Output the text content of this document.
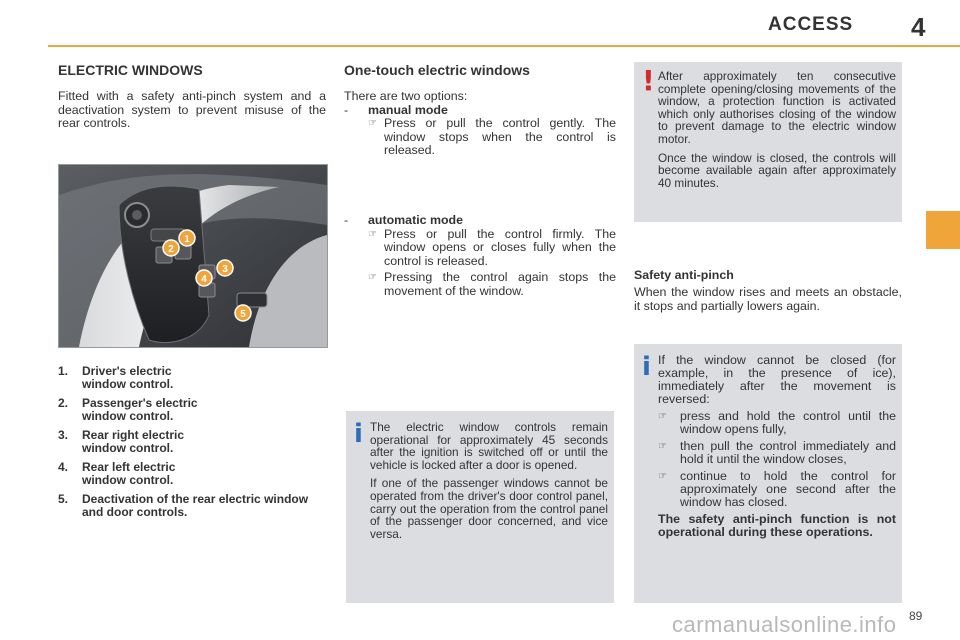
ACCESS 4
ELECTRIC WINDOWS
Fitted with a safety anti-pinch system and a deactivation system to prevent misuse of the rear controls.
1
2
3
4
5
1.	Driver's electric window control.
2.	Passenger's electric window control.
3.	Rear right electric window control.
4.	Rear left electric window control.
5.	Deactivation of the rear electric window and door controls.
One-touch electric windows
There are two options:
-	manual mode
☞ Press or pull the control gently. The window stops when the control is released.
-	automatic mode
☞ Press or pull the control firmly. The window opens or closes fully when the control is released.
☞ Pressing the control again stops the movement of the window.
i The electric window controls remain operational for approximately 45 seconds after the ignition is switched off or until the vehicle is locked after a door is opened.

If one of the passenger windows cannot be operated from the driver's door control panel, carry out the operation from the control panel of the passenger door concerned, and vice versa.

! After approximately ten consecutive complete opening/closing movements of the window, a protection function is activated which only authorises closing of the window to prevent damage to the electric window motor.

Once the window is closed, the controls will become available again after approximately 40 minutes.

Safety anti-pinch
When the window rises and meets an obstacle, it stops and partially lowers again.
i If the window cannot be closed (for example, in the presence of ice), immediately after the movement is reversed:
☞	press and hold the control until the window opens fully,
☞	then pull the control immediately and hold it until the window closes,
☞	continue to hold the control for approximately one second after the window has closed.
The safety anti-pinch function is not operational during these operations.
carmanualsonline.info 89
